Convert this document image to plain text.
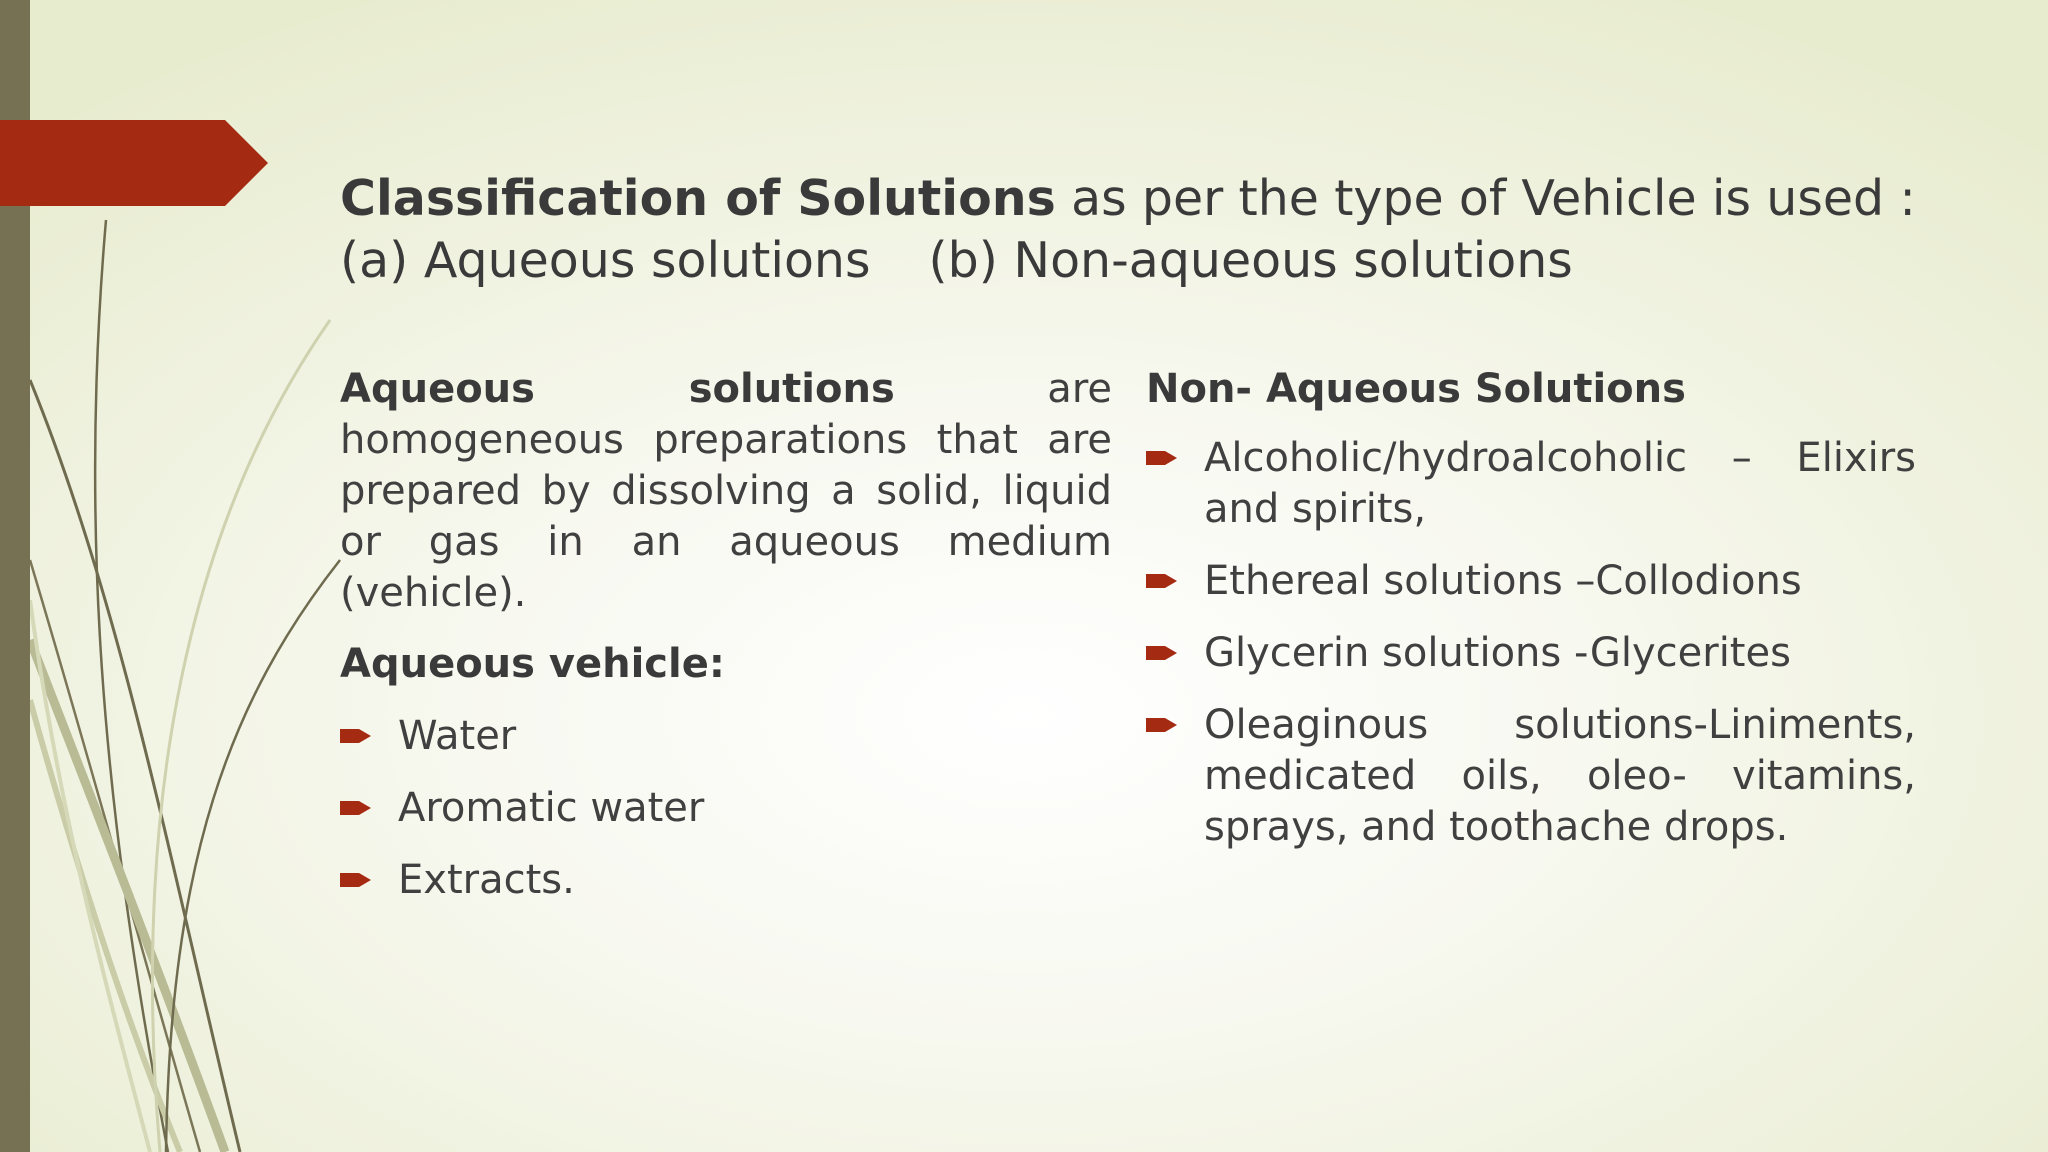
Classification of Solutions as per the type of Vehicle is used :
(a) Aqueous solutions (b) Non-aqueous solutions

Aqueous solutions are homogeneous preparations that are prepared by dissolving a solid, liquid or gas in an aqueous medium (vehicle).

Aqueous vehicle:

Water
Aromatic water
Extracts.

Non- Aqueous Solutions

Alcoholic/hydroalcoholic – Elixirs and spirits,
Ethereal solutions –Collodions
Glycerin solutions -Glycerites
Oleaginous solutions-Liniments, medicated oils, oleo- vitamins, sprays, and toothache drops.
